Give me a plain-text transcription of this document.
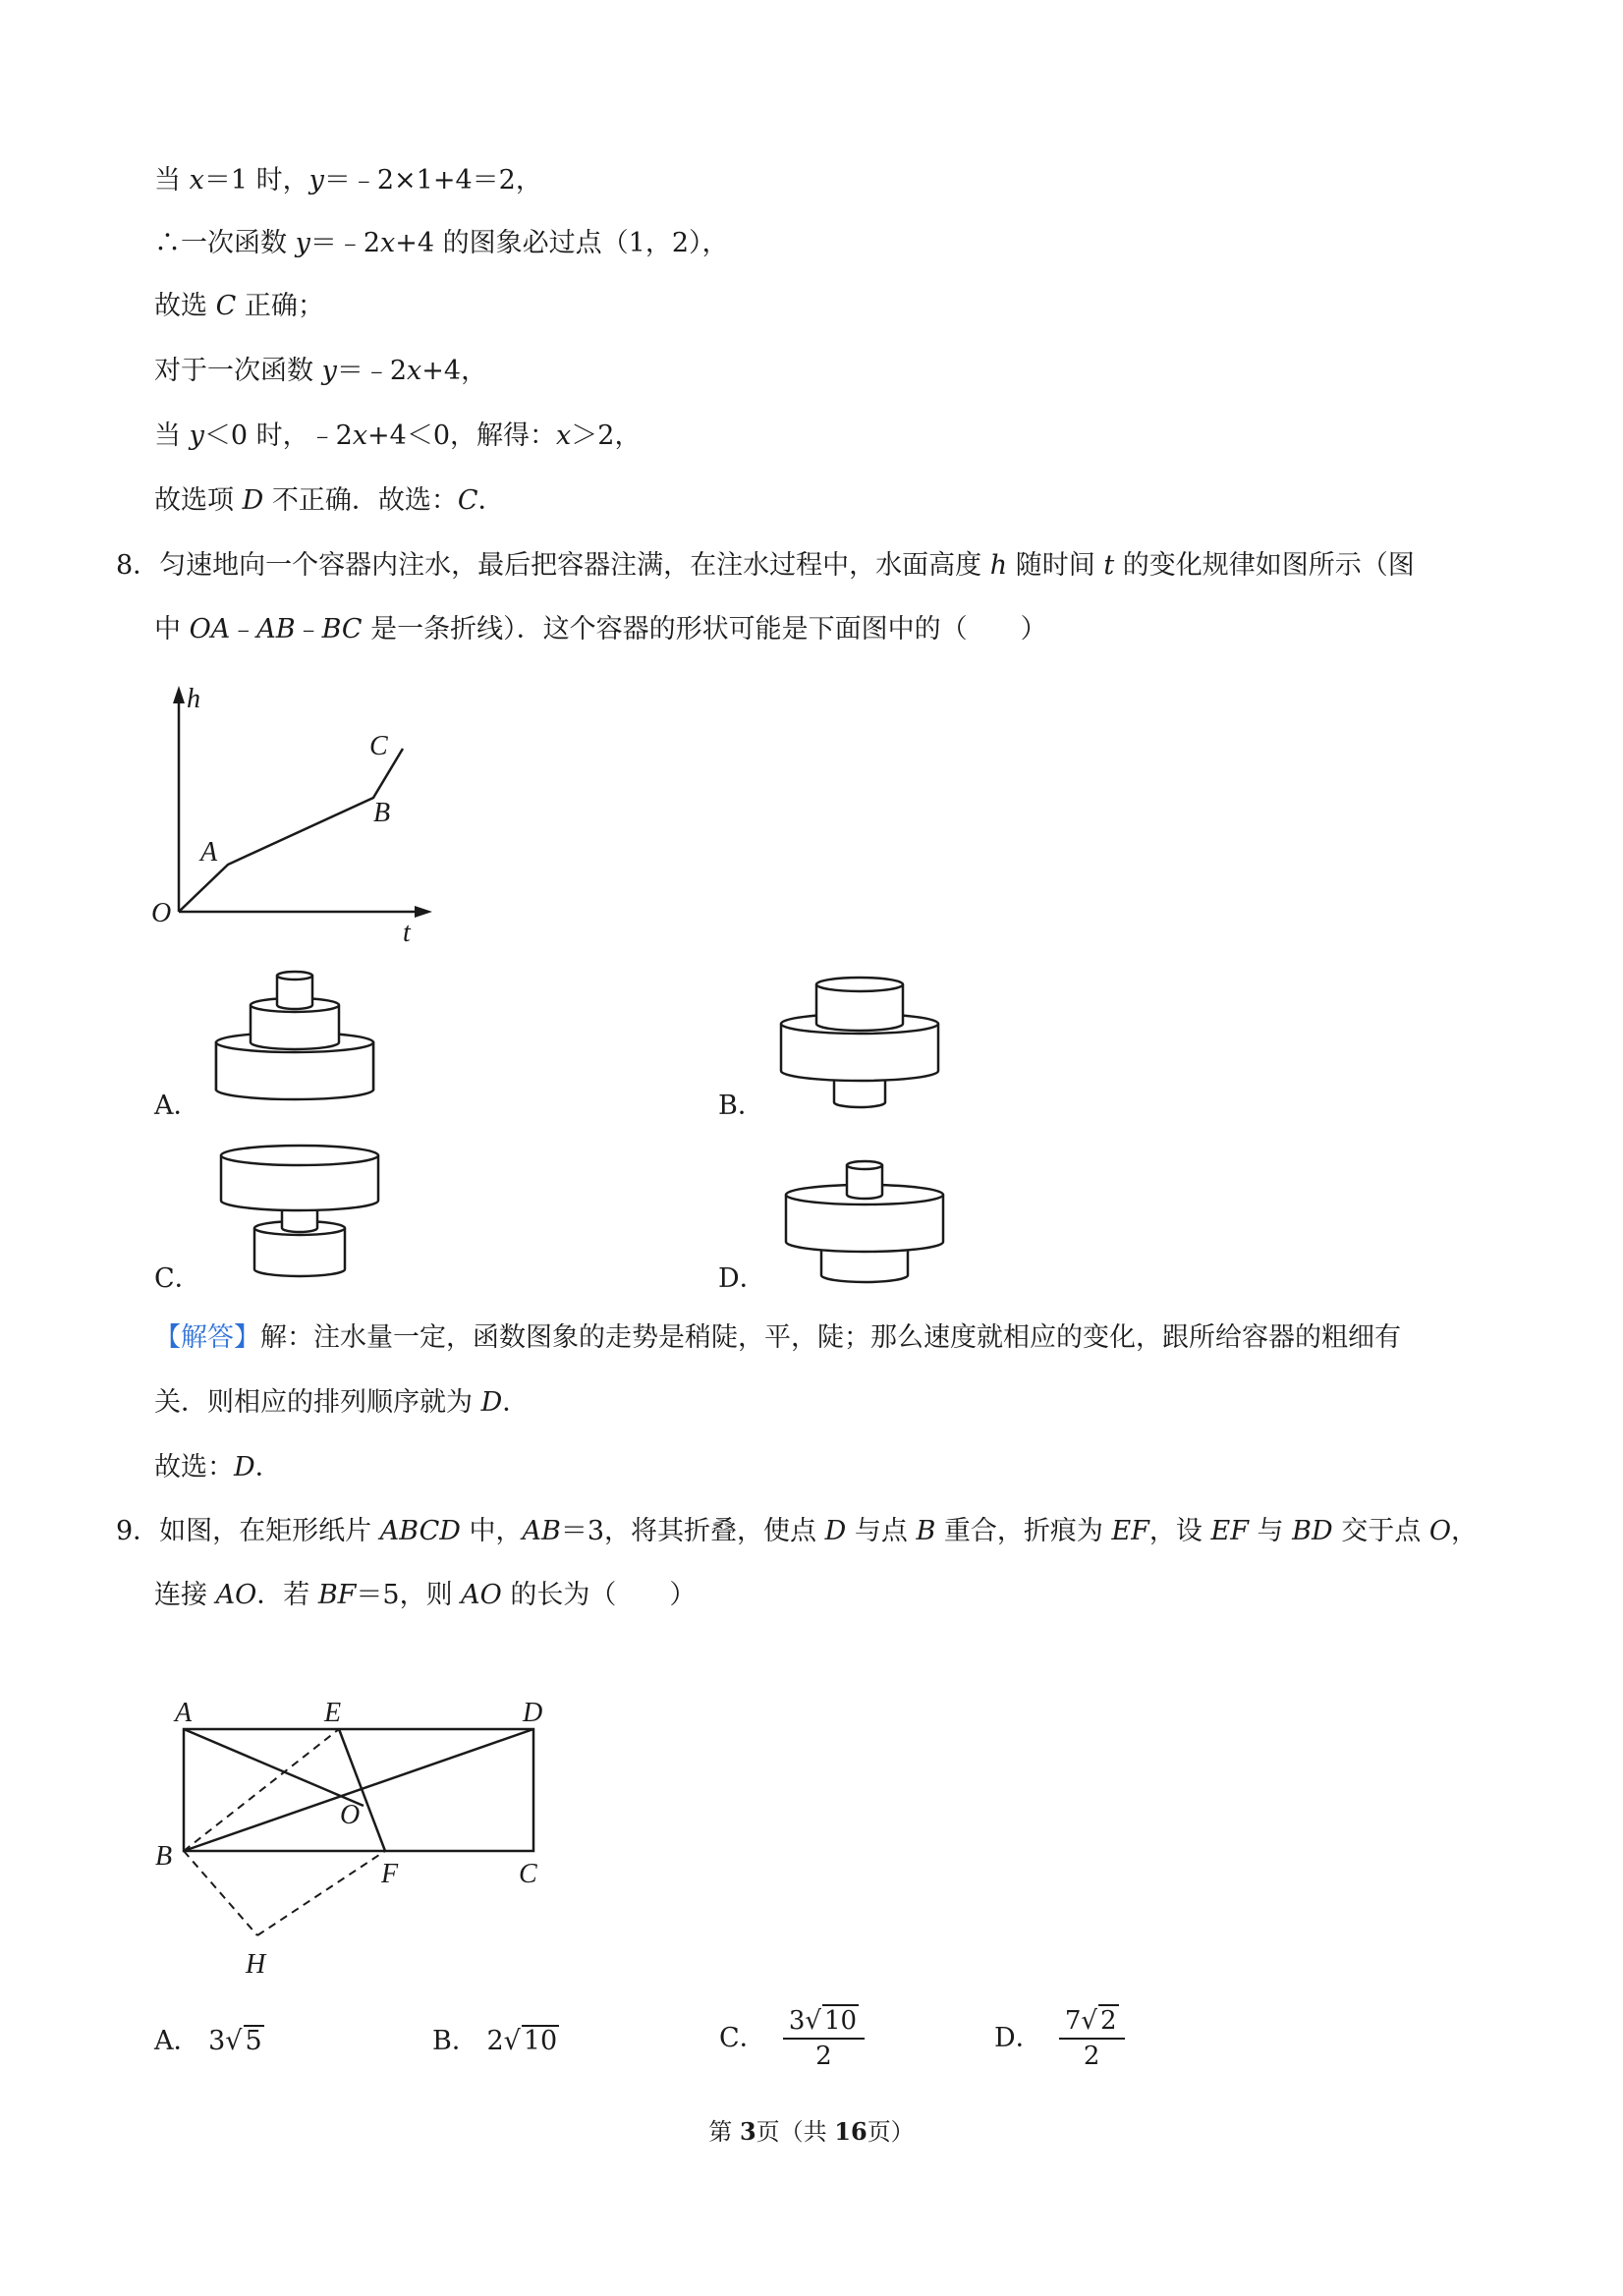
当 x＝1 时，y＝﹣2×1+4＝2，
∴一次函数 y＝﹣2x+4 的图象必过点（1，2），
故选 C 正确；
对于一次函数 y＝﹣2x+4，
当 y＜0 时，﹣2x+4＜0，解得：x＞2，
故选项 D 不正确．故选：C．
8．匀速地向一个容器内注水，最后把容器注满，在注水过程中，水面高度 h 随时间 t 的变化规律如图所示（图
中 OA﹣AB﹣BC 是一条折线）．这个容器的形状可能是下面图中的（　　）
h
t
O
A
B
C
A．	B．
C．	D．
【解答】解：注水量一定，函数图象的走势是稍陡，平，陡；那么速度就相应的变化，跟所给容器的粗细有
关．则相应的排列顺序就为 D．
故选：D．
9．如图，在矩形纸片 ABCD 中，AB＝3，将其折叠，使点 D 与点 B 重合，折痕为 EF，设 EF 与 BD 交于点 O，
连接 AO．若 BF＝5，则 AO 的长为（　　）
A	E	D
O
B
F	C
H
A． 3√ 5	B． 2√ 10	C． $\frac{3√ 10}{2}$	D． $\frac{7√ 2}{2}$
第 3页（共 16页）
